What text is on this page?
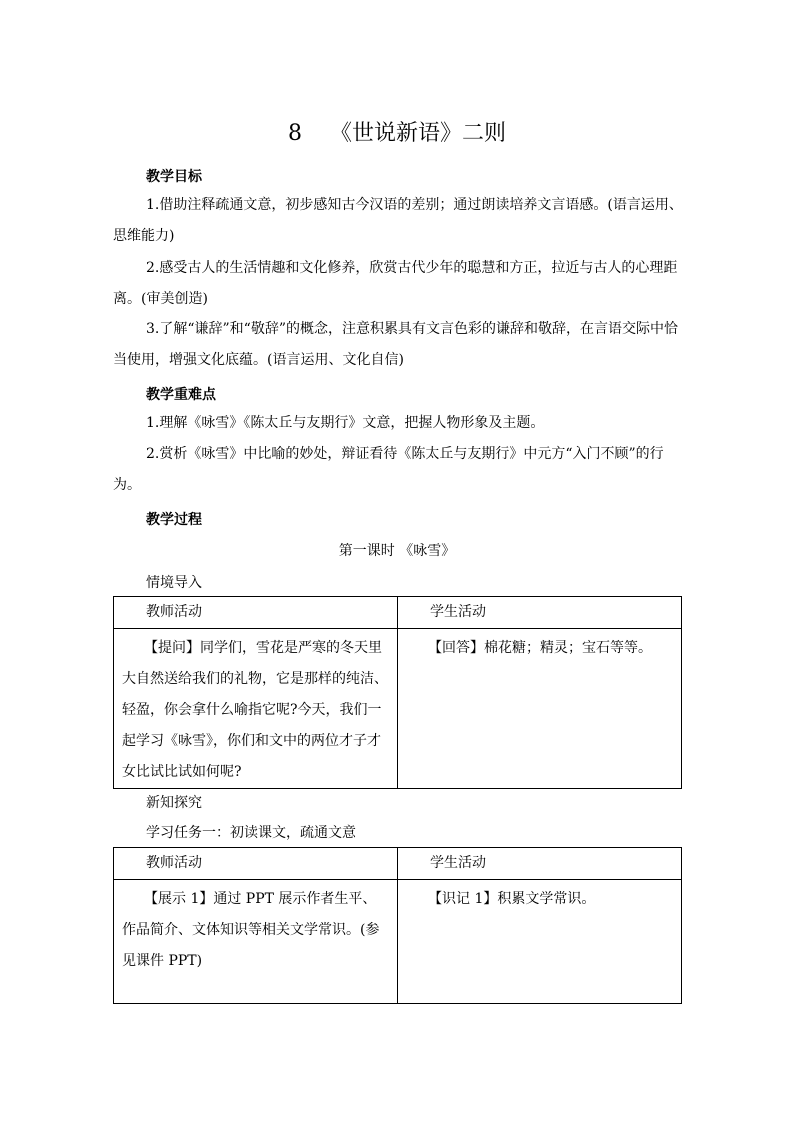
8 《世说新语》二则
教学目标
1.借助注释疏通文意，初步感知古今汉语的差别；通过朗读培养文言语感。(语言运用、思维能力)
2.感受古人的生活情趣和文化修养，欣赏古代少年的聪慧和方正，拉近与古人的心理距离。(审美创造)
3.了解“谦辞”和“敬辞”的概念，注意积累具有文言色彩的谦辞和敬辞，在言语交际中恰当使用，增强文化底蕴。(语言运用、文化自信)
教学重难点
1.理解《咏雪》《陈太丘与友期行》文意，把握人物形象及主题。
2.赏析《咏雪》中比喻的妙处，辩证看待《陈太丘与友期行》中元方“入门不顾”的行为。
教学过程
第一课时 《咏雪》
情境导入
教师活动	学生活动
【提问】同学们，雪花是严寒的冬天里大自然送给我们的礼物，它是那样的纯洁、轻盈，你会拿什么喻指它呢?今天，我们一起学习《咏雪》，你们和文中的两位才子才女比试比试如何呢?	【回答】棉花糖；精灵；宝石等等。
新知探究
学习任务一：初读课文，疏通文意
教师活动	学生活动
【展示 1】通过 PPT 展示作者生平、作品简介、文体知识等相关文学常识。(参见课件 PPT)	【识记 1】积累文学常识。
